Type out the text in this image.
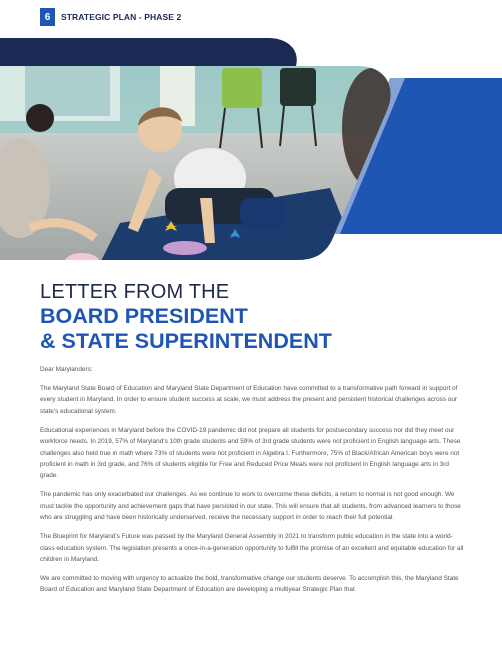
6	STRATEGIC PLAN - PHASE 2
LETTER FROM THE
BOARD PRESIDENT
& STATE SUPERINTENDENT

Dear Marylanders:

The Maryland State Board of Education and Maryland State Department of Education have committed to a transformative path forward in support of every student in Maryland. In order to ensure student success at scale, we must address the present and persistent historical challenges across our state’s educational system.

Educational experiences in Maryland before the COVID-19 pandemic did not prepare all students for postsecondary success nor did they meet our workforce needs. In 2019, 57% of Maryland’s 10th grade students and 59% of 3rd grade students were not proficient in English language arts. These challenges also held true in math where 73% of students were not proficient in Algebra I. Furthermore, 75% of Black/African American boys were not proficient in math in 3rd grade, and 76% of students eligible for Free and Reduced Price Meals were not proficient in English language arts in 3rd grade.

The pandemic has only exacerbated our challenges. As we continue to work to overcome these deficits, a return to normal is not good enough. We must tackle the opportunity and achievement gaps that have persisted in our state. This will ensure that all students, from advanced learners to those who are struggling and have been historically underserved, receive the necessary support in order to reach their full potential.

The Blueprint for Maryland’s Future was passed by the Maryland General Assembly in 2021 to transform public education in the state into a world-class education system. The legislation presents a once-in-a-generation opportunity to fulfill the promise of an excellent and equitable education for all children in Maryland.

We are committed to moving with urgency to actualize the bold, transformative change our students deserve. To accomplish this, the Maryland State Board of Education and Maryland State Department of Education are developing a multiyear Strategic Plan that
